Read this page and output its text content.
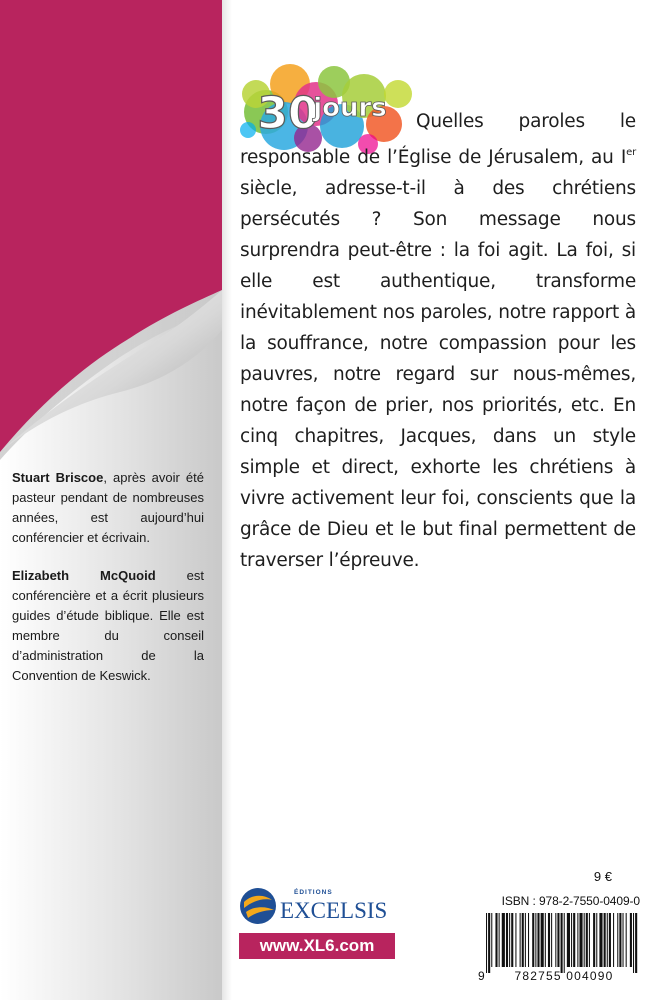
Stuart Briscoe, après avoir été pasteur pendant de nombreuses années, est aujourd’hui conférencier et écrivain.

Elizabeth McQuoid est conférencière et a écrit plusieurs guides d’étude biblique. Elle est membre du conseil d’administration de la Convention de Keswick.

30
jours	Quelles paroles le responsable de l’Église de Jérusalem, au Ier siècle, adresse-t-il à des chrétiens persécutés ? Son message nous surprendra peut-être : la foi agit. La foi, si elle est authentique, transforme inévitablement nos paroles, notre rapport à la souffrance, notre compassion pour les pauvres, notre regard sur nous-mêmes, notre façon de prier, nos priorités, etc. En cinq chapitres, Jacques, dans un style simple et direct, exhorte les chrétiens à vivre activement leur foi, conscients que la grâce de Dieu et le but final permettent de traverser l’épreuve.
ÉDITIONS
EXCELSIS
www.XL6.com
9 €
ISBN : 978-2-7550-0409-0
9	782755 004090
